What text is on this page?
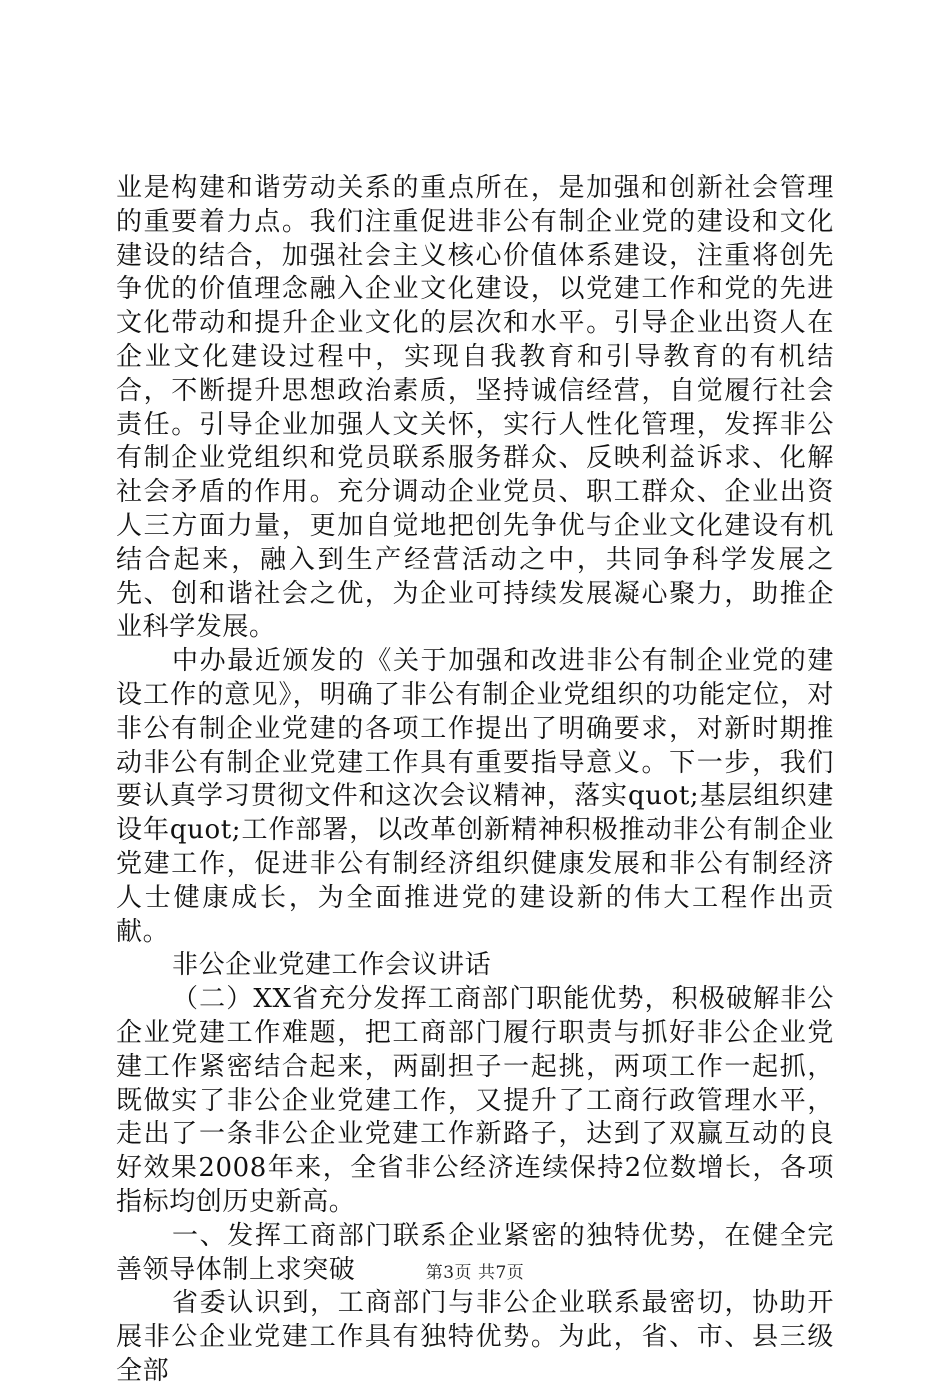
业是构建和谐劳动关系的重点所在，是加强和创新社会管理的重要着力点。我们注重促进非公有制企业党的建设和文化建设的结合，加强社会主义核心价值体系建设，注重将创先争优的价值理念融入企业文化建设，以党建工作和党的先进文化带动和提升企业文化的层次和水平。引导企业出资人在企业文化建设过程中，实现自我教育和引导教育的有机结合，不断提升思想政治素质，坚持诚信经营，自觉履行社会责任。引导企业加强人文关怀，实行人性化管理，发挥非公有制企业党组织和党员联系服务群众、反映利益诉求、化解社会矛盾的作用。充分调动企业党员、职工群众、企业出资人三方面力量，更加自觉地把创先争优与企业文化建设有机结合起来，融入到生产经营活动之中，共同争科学发展之先、创和谐社会之优，为企业可持续发展凝心聚力，助推企业科学发展。

中办最近颁发的《关于加强和改进非公有制企业党的建设工作的意见》，明确了非公有制企业党组织的功能定位，对非公有制企业党建的各项工作提出了明确要求，对新时期推动非公有制企业党建工作具有重要指导意义。下一步，我们要认真学习贯彻文件和这次会议精神，落实quot;基层组织建设年quot;工作部署，以改革创新精神积极推动非公有制企业党建工作，促进非公有制经济组织健康发展和非公有制经济人士健康成长，为全面推进党的建设新的伟大工程作出贡献。

非公企业党建工作会议讲话

（二）XX省充分发挥工商部门职能优势，积极破解非公企业党建工作难题，把工商部门履行职责与抓好非公企业党建工作紧密结合起来，两副担子一起挑，两项工作一起抓，既做实了非公企业党建工作，又提升了工商行政管理水平，走出了一条非公企业党建工作新路子，达到了双赢互动的良好效果2008年来，全省非公经济连续保持2位数增长，各项指标均创历史新高。

一、发挥工商部门联系企业紧密的独特优势，在健全完善领导体制上求突破

省委认识到，工商部门与非公企业联系最密切，协助开展非公企业党建工作具有独特优势。为此，省、市、县三级全部

第3页 共7页
